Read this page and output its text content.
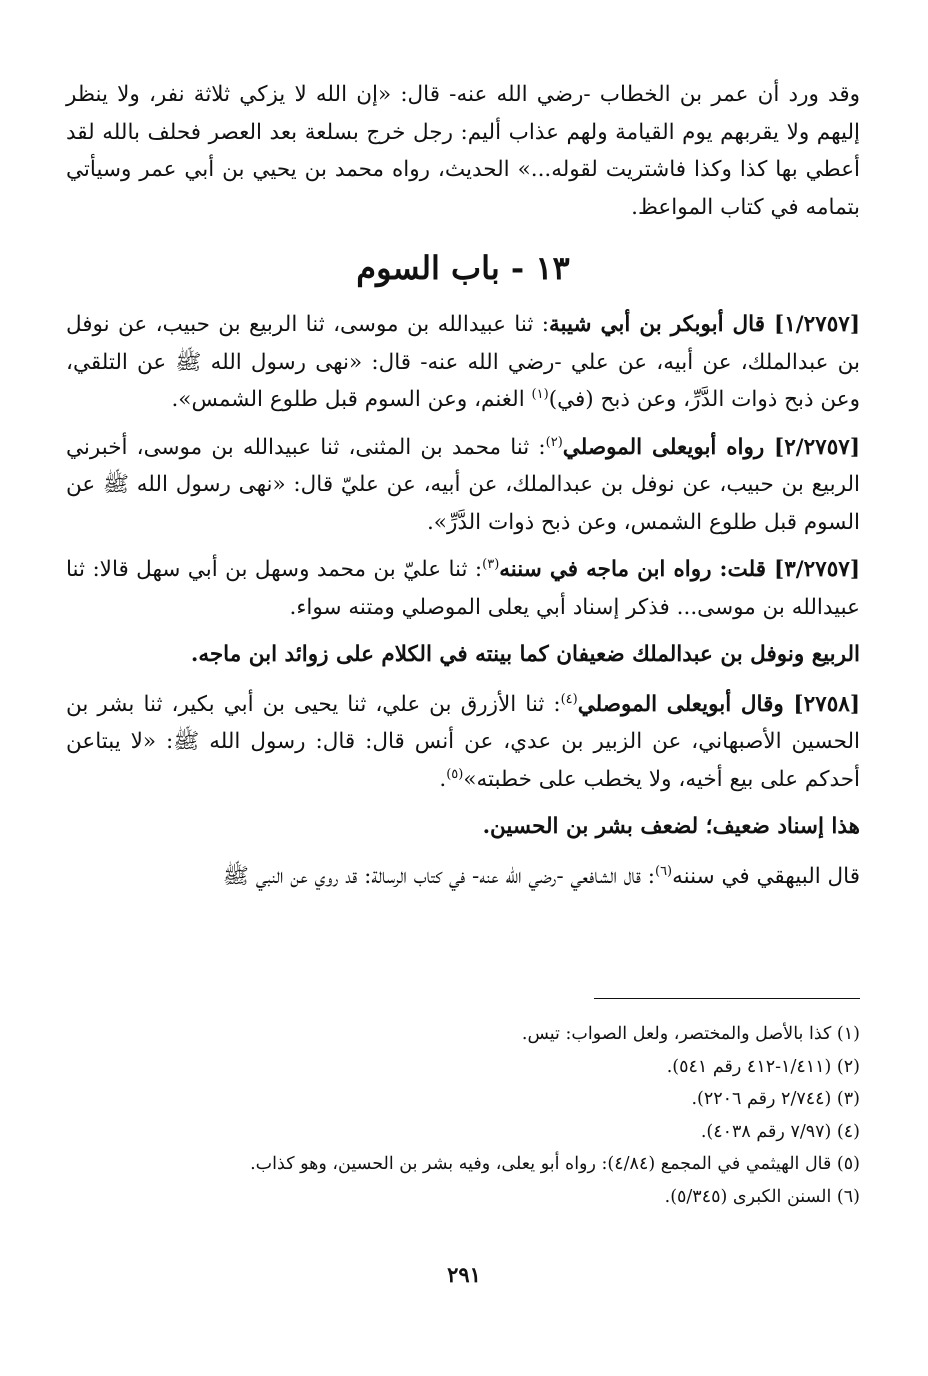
وقد ورد أن عمر بن الخطاب -رضي الله عنه- قال: «إن الله لا يزكي ثلاثة نفر، ولا ينظر إليهم ولا يقربهم يوم القيامة ولهم عذاب أليم: رجل خرج بسلعة بعد العصر فحلف بالله لقد أعطي بها كذا وكذا فاشتريت لقوله...» الحديث، رواه محمد بن يحيي بن أبي عمر وسيأتي بتمامه في كتاب المواعظ.

١٣ - باب السوم

[١/٢٧٥٧] قال أبوبكر بن أبي شيبة: ثنا عبيدالله بن موسى، ثنا الربيع بن حبيب، عن نوفل بن عبدالملك، عن أبيه، عن علي -رضي الله عنه- قال: «نهى رسول الله ﷺ عن التلقي، وعن ذبح ذوات الدَّرِّ، وعن ذبح (في)$^{(١)}$ الغنم، وعن السوم قبل طلوع الشمس».

[٢/٢٧٥٧] رواه أبويعلى الموصلي$^{(٢)}$: ثنا محمد بن المثنى، ثنا عبيدالله بن موسى، أخبرني الربيع بن حبيب، عن نوفل بن عبدالملك، عن أبيه، عن عليّ قال: «نهى رسول الله ﷺ عن السوم قبل طلوع الشمس، وعن ذبح ذوات الدَّرِّ».

[٣/٢٧٥٧] قلت: رواه ابن ماجه في سننه$^{(٣)}$: ثنا عليّ بن محمد وسهل بن أبي سهل قالا: ثنا عبيدالله بن موسى... فذكر إسناد أبي يعلى الموصلي ومتنه سواء.

الربيع ونوفل بن عبدالملك ضعيفان كما بينته في الكلام على زوائد ابن ماجه.

[٢٧٥٨] وقال أبويعلى الموصلي$^{(٤)}$: ثنا الأزرق بن علي، ثنا يحيى بن أبي بكير، ثنا بشر بن الحسين الأصبهاني، عن الزبير بن عدي، عن أنس قال: قال: رسول الله ﷺ: «لا يبتاعن أحدكم على بيع أخيه، ولا يخطب على خطبته»$^{(٥)}$.

هذا إسناد ضعيف؛ لضعف بشر بن الحسين.

قال البيهقي في سننه$^{(٦)}$: قال الشافعي -رضي الله عنه- في كتاب الرسالة: قد روي عن النبي ﷺ

(١) كذا بالأصل والمختصر، ولعل الصواب: تيس.
(٢) (١/٤١١-٤١٢ رقم ٥٤١).
(٣) (٢/٧٤٤ رقم ٢٢٠٦).
(٤) (٧/٩٧ رقم ٤٠٣٨).
(٥) قال الهيثمي في المجمع (٤/٨٤): رواه أبو يعلى، وفيه بشر بن الحسين، وهو كذاب.
(٦) السنن الكبرى (٥/٣٤٥).
٢٩١
